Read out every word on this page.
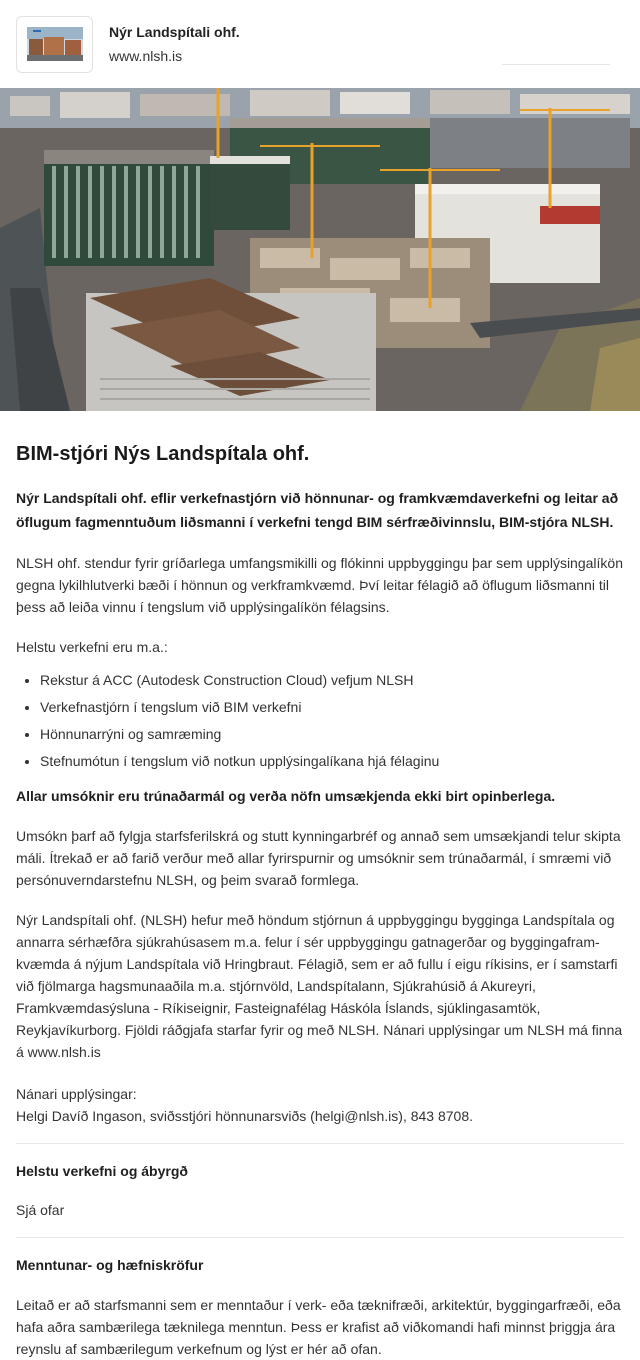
Nýr Landspítali ohf.
www.nlsh.is
BIM-stjóri Nýs Landspítala ohf.
Nýr Landspítali ohf. eflir verkefnastjórn við hönnunar- og framkvæmdaverkefni og leitar að öflugum fagmenntuðum liðsmanni í verkefni tengd BIM sérfræðivinnslu, BIM-stjóra NLSH.
NLSH ohf. stendur fyrir gríðarlega umfangsmikilli og flókinni uppbyggingu þar sem upplýsingalíkön gegna lykilhlutverki bæði í hönnun og verkframkvæmd. Því leitar félagið að öflugum liðsmanni til þess að leiða vinnu í tengslum við upplýsingalíkön félagsins.
Helstu verkefni eru m.a.:
• Rekstur á ACC (Autodesk Construction Cloud) vefjum NLSH
• Verkefnastjórn í tengslum við BIM verkefni
• Hönnunarrýni og samræming
• Stefnumótun í tengslum við notkun upplýsingalíkana hjá félaginu
Allar umsóknir eru trúnaðarmál og verða nöfn umsækjenda ekki birt opinberlega.
Umsókn þarf að fylgja starfsferilskrá og stutt kynningarbréf og annað sem umsækjandi telur skipta máli. Ítrekað er að farið verður með allar fyrirspurnir og umsóknir sem trúnaðarmál, í smræmi við persónuverndarstefnu NLSH, og þeim svarað formlega.
Nýr Landspítali ohf. (NLSH) hefur með höndum stjórnun á uppbyggingu bygginga Landspítala og annarra sérhæfðra sjúkrahúsasem m.a. felur í sér uppbyggingu gatnagerðar og byggingaframkvæmda á nýjum Landspítala við Hringbraut. Félagið, sem er að fullu í eigu ríkisins, er í samstarfi við fjölmarga hagsmunaaðila m.a. stjórnvöld, Landspítalann, Sjúkrahúsið á Akureyri, Framkvæmdasýsluna - Ríkiseignir, Fasteignafélag Háskóla Íslands, sjúklingasamtök, Reykjavíkurborg. Fjöldi ráðgjafa starfar fyrir og með NLSH. Nánari upplýsingar um NLSH má finna á www.nlsh.is
Nánari upplýsingar:
Helgi Davíð Ingason, sviðsstjóri hönnunarsviðs (helgi@nlsh.is), 843 8708.
Helstu verkefni og ábyrgð
Sjá ofar
Menntunar- og hæfniskröfur
Leitað er að starfsmanni sem er menntaður í verk- eða tæknifræði, arkitektúr, byggingarfræði, eða hafa aðra sambærilega tæknilega menntun. Þess er krafist að viðkomandi hafi minnst þriggja ára reynslu af sambærilegum verkefnum og lýst er hér að ofan.
